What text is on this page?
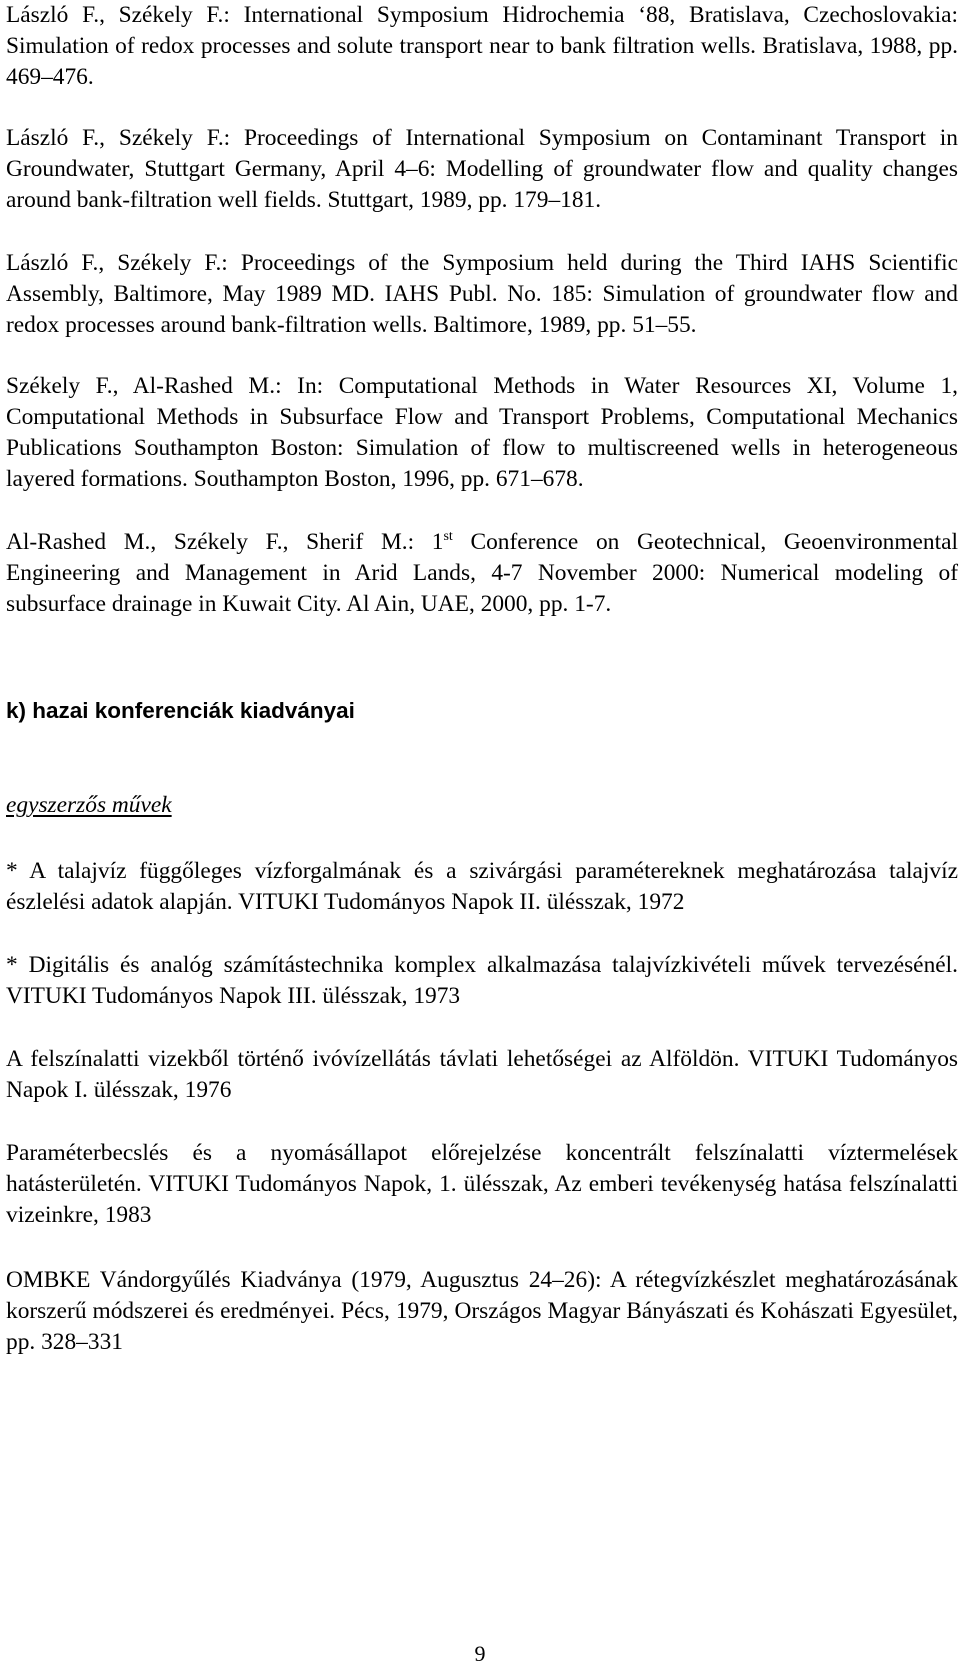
László F., Székely F.: International Symposium Hidrochemia ‘88, Bratislava, Czechoslovakia: Simulation of redox processes and solute transport near to bank filtration wells. Bratislava, 1988, pp. 469–476.

László F., Székely F.: Proceedings of International Symposium on Contaminant Transport in Groundwater, Stuttgart Germany, April 4–6: Modelling of groundwater flow and quality changes around bank-filtration well fields. Stuttgart, 1989, pp. 179–181.

László F., Székely F.: Proceedings of the Symposium held during the Third IAHS Scientific Assembly, Baltimore, May 1989 MD. IAHS Publ. No. 185: Simulation of groundwater flow and redox processes around bank-filtration wells. Baltimore, 1989, pp. 51–55.

Székely F., Al-Rashed M.: In: Computational Methods in Water Resources XI, Volume 1, Computational Methods in Subsurface Flow and Transport Problems, Computational Mechanics Publications Southampton Boston: Simulation of flow to multiscreened wells in heterogeneous layered formations. Southampton Boston, 1996, pp. 671–678.

Al-Rashed M., Székely F., Sherif M.: 1st Conference on Geotechnical, Geoenvironmental Engineering and Management in Arid Lands, 4-7 November 2000: Numerical modeling of subsurface drainage in Kuwait City. Al Ain, UAE, 2000, pp. 1-7.

k) hazai konferenciák kiadványai

egyszerzős művek

* A talajvíz függőleges vízforgalmának és a szivárgási paramétereknek meghatározása talajvíz észlelési adatok alapján. VITUKI Tudományos Napok II. ülésszak, 1972

* Digitális és analóg számítástechnika komplex alkalmazása talajvízkivételi művek tervezésénél. VITUKI Tudományos Napok III. ülésszak, 1973

A felszínalatti vizekből történő ivóvízellátás távlati lehetőségei az Alföldön. VITUKI Tudományos Napok I. ülésszak, 1976

Paraméterbecslés és a nyomásállapot előrejelzése koncentrált felszínalatti víztermelések hatásterületén. VITUKI Tudományos Napok, 1. ülésszak, Az emberi tevékenység hatása felszínalatti vizeinkre, 1983

OMBKE Vándorgyűlés Kiadványa (1979, Augusztus 24–26): A rétegvízkészlet meghatározásának korszerű módszerei és eredményei. Pécs, 1979, Országos Magyar Bányászati és Kohászati Egyesület, pp. 328–331

9
